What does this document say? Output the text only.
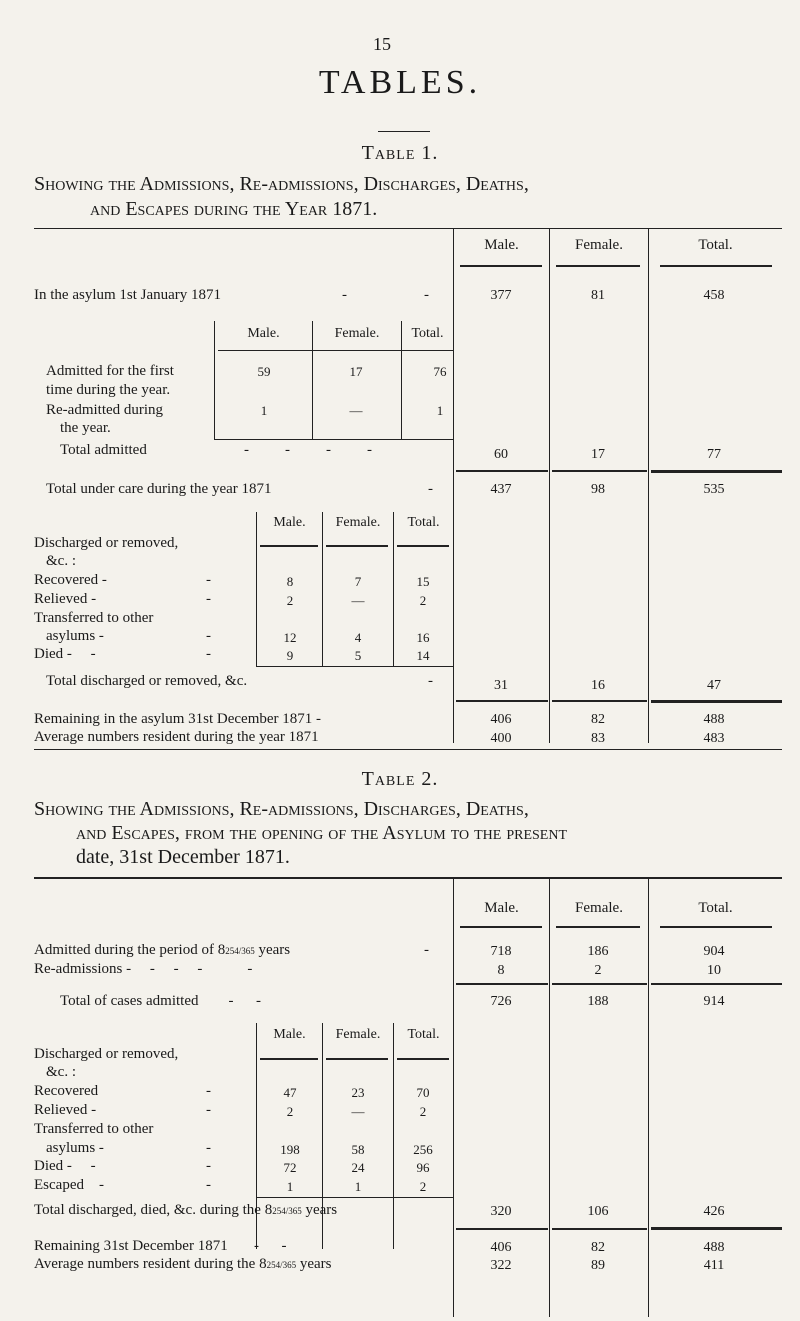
15
TABLES.
Table 1.
Showing the Admissions, Re-admissions, Discharges, Deaths,
and Escapes during the Year 1871.
Male.	Female.	Total.
In the asylum 1st January 1871	-	-	377	81	458
Male.	Female.	Total.
Admitted for the first
time during the year.
59	17	76
Re-admitted during
the year.
1	—	1
Total admitted	----	60	17	77
Total under care during the year 1871	-	437	98	535
Male.	Female.	Total.
Discharged or removed,
&c. :
Recovered -	-	8	7	15
Relieved -	-	2	—	2
Transferred to other
asylums -	-	12	4	16
Died -     -	-	9	5	14
Total discharged or removed, &c.	-	31	16	47
Remaining in the asylum 31st December 1871 -	406	82	488
Average numbers resident during the year 1871	400	83	483
Table 2.
Showing the Admissions, Re-admissions, Discharges, Deaths,
and Escapes, from the opening of the Asylum to the present
date, 31st December 1871.
Male.	Female.	Total.
Admitted during the period of 8254/365 years	-	718	186	904
Re-admissions -     -     -     -            -	8	2	10
Total of cases admitted        -      -	726	188	914
Male.	Female.	Total.
Discharged or removed,
&c. :
Recovered	-	47	23	70
Relieved -	-	2	—	2
Transferred to other
asylums -	-	198	58	256
Died -     -	-	72	24	96
Escaped    -	-	1	1	2
Total discharged, died, &c. during the 8254/365 years	320	106	426
Remaining 31st December 1871       -      -	406	82	488
Average numbers resident during the 8254/365 years	322	89	411
